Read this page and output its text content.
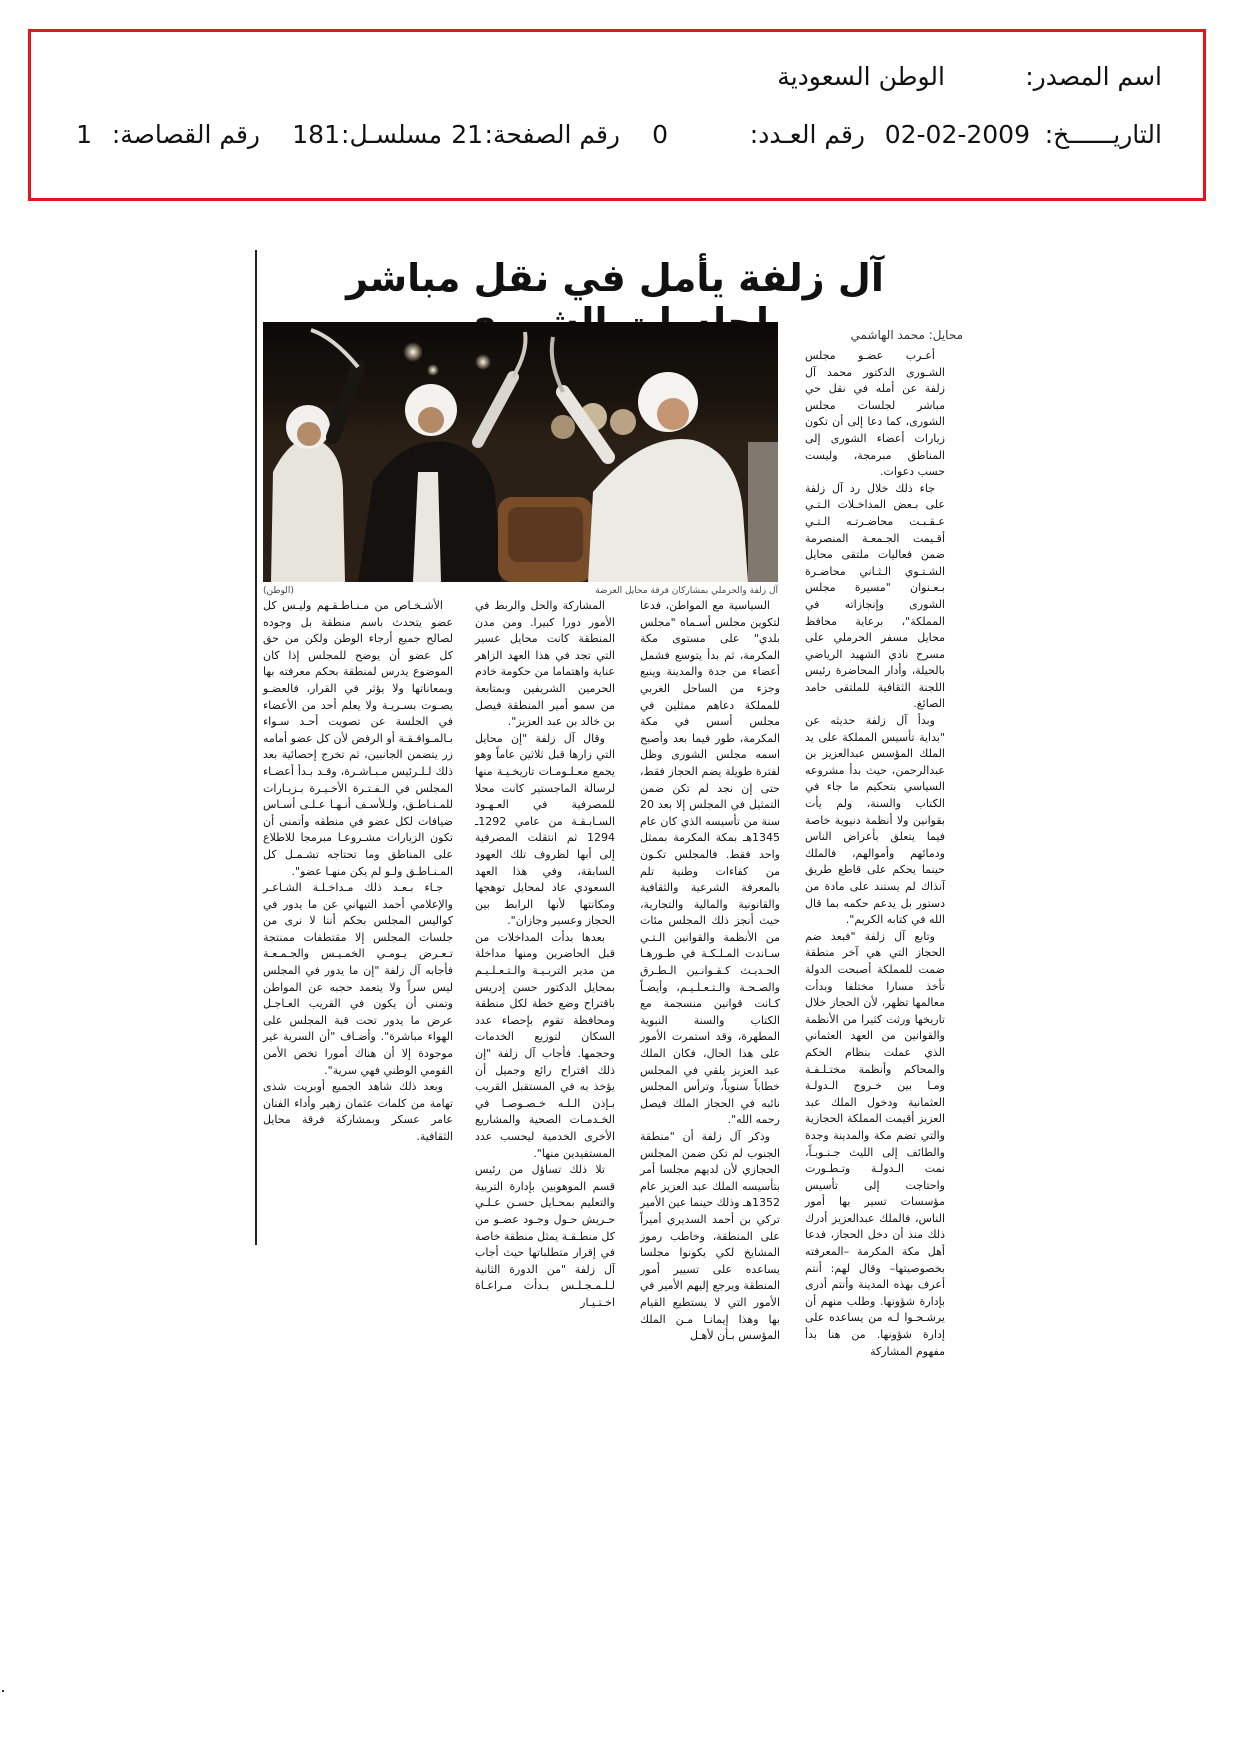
اسم المصدر:
الوطن السعودية
التاريــــــخ:
02-02-2009
رقم العـدد:
0
رقم الصفحة:
21
مسلسـل:
181
رقم القصاصة:
1
آل زلفة يأمل في نقل مباشر
محايل: محمد الهاشمي
آل زلفة والحرملي بمشاركان فرقة محايل العرضة
(الوطن)

أعـرب عضـو مجلس الشـورى الدكتور محمد آل زلفة عن أمله في نقل حي مباشر لجلسات مجلس الشورى، كما دعا إلى أن تكون زيارات أعضاء الشورى إلى المناطق مبرمجة، وليست حسب دعوات.

جاء ذلك خلال رد آل زلفة على بـعض المداخـلات الـتـي عـقـبـت محاضـرتـه الـتـي أقـيمت الجـمعـة المنصرمة ضمن فعاليات ملتقى محايل الشـتـوي الـثـاني محاضـرة بـعـنوان "مسيرة مجلس الشورى وإنجازاته في المملكة"، برعاية محافظ محايل مسفر الحرملي على مسرح نادي الشهيد الرياضي بالحيلة، وأدار المحاضرة رئيس اللجنة الثقافية للملتقى حامد الصائغ.

وبدأ آل زلفة حديثه عن "بداية تأسيس المملكة على يد الملك المؤسس عبدالعزيز بن عبدالرحمن، حيث بدأ مشروعه السياسي بتحكيم ما جاء في الكتاب والسنة، ولم يأت بقوانين ولا أنظمة دنيوية خاصة فيما يتعلق بأعراض الناس ودمائهم وأموالهم، فالملك حينما يحكم على قاطع طريق آنذاك لم يستند على مادة من دستور بل يدعم حكمه بما قال الله في كتابه الكريم".

وتابع آل زلفة "فبعد ضم الحجاز التي هي آخر منطقة ضمت للمملكة أصبحت الدولة تأخذ مسارا مختلفا وبدأت معالمها تظهر، لأن الحجاز خلال تاريخها ورثت كثيرا من الأنظمة والقوانين من العهد العثماني الذي عملت بنظام الحكم والمحاكم وأنظمة مختـلـفـة ومـا بين خـروج الـدولـة العثمانية ودخول الملك عبد العزيز أقيمت المملكة الحجازية والتي تضم مكة والمدينة وجدة والطائف إلى الليث جـنـوبـاً، نمت الـدولـة وتـطـورت واحتاجت إلى تأسيس مؤسسات تسير بها أمور الناس، فالملك عبدالعزيز أدرك ذلك منذ أن دخل الحجاز، فدعا أهل مكة المكرمة –المعرفته بخصوصيتها– وقال لهم: أنتم أعرف بهذه المدينة وأنتم أدرى بإدارة شؤونها. وطلب منهم أن يرشـحـوا لـه من يساعده على إدارة شؤونها. من هنا بدأ مفهوم المشاركة

السياسية مع المواطن، فدعا لتكوين مجلس أسـماه "مجلس بلدي" على مستوى مكة المكرمة، ثم بدأ يتوسع فشمل أعضاء من جدة والمدينة وينبع وجزء من الساحل الغربي للمملكة دعاهم ممثلين في مجلس أسس في مكة المكرمة، طور فيما بعد وأصبح اسمه مجلس الشورى وظل لفترة طويلة يضم الحجاز فقط، حتى إن نجد لم تكن ضمن التمثيل في المجلس إلا بعد 20 سنة من تأسيسه الذي كان عام 1345هـ بمكة المكرمة بممثل واحد فقط. فالمجلس تكـون من كفاءات وطنية تلم بالمعرفة الشرعية والثقافية والقانونية والمالية والتجارية، حيث أنجز ذلك المجلس مئات من الأنظمة والقوانين الـتـي سـاندت المـلـكـة في طـورهـا الحـديـث كـقـوانـين الـطـرق والصـحـة والـتـعـلـيـم، وأيضـاً كـانت قوانين منسجمة مع الكتاب والسنة النبوية المطهرة، وقد استمرت الأمور على هذا الحال، فكان الملك عبد العزيز يلقي في المجلس خطاباً سنوياً، وترأس المجلس نائبه في الحجاز الملك فيصل رحمه الله".

وذكر آل زلفة أن "منطقة الجنوب لم تكن ضمن المجلس الحجازي لأن لديهم مجلسا أمر بتأسيسه الملك عبد العزيز عام 1352هـ وذلك حينما عين الأمير تركي بن أحمد السديري أميراً على المنطقة، وخاطب رموز المشايخ لكي يكونوا مجلسا يساعده على تسيير أمور المنطقة ويرجع إليهم الأمير في الأمور التي لا يستطيع القيام بها وهذا إيمانـا مـن الملك المؤسس بـأن لأهـل

المشاركة والحل والربط في الأمور دورا كبيرا. ومن مدن المنطقة كانت محايل عسير التي تجد في هذا العهد الزاهر عناية واهتماما من حكومة خادم الحرمين الشريفين وبمتابعة من سمو أمير المنطقة فيصل بن خالد بن عبد العزيز".

وقال آل زلفة "إن محايل التي زارها قبل ثلاثين عاماً وهو يجمع معـلـومـات تاريخـيـة منها لرسالة الماجستير كانت محلا للمصرفية في العـهـود السـابـقـة من عامي 1292ـ 1294 ثم انتقلت المصرفية إلى أبها لظروف تلك العهود السابقة، وفي هذا العهد السعودي عاد لمحايل توهجها ومكانتها لأنها الرابط بين الحجاز وعسير وجازان".

بعدها بدأت المداخلات من قبل الحاضرين ومنها مداخلة من مدير التربـيـة والـتـعـلـيـم بمحايل الدكتور حسن إدريس باقتراح وضع خطة لكل منطقة ومحافظة تقوم بإحصاء عدد السكان لتوزيع الخدمات وحجمها. فأجاب آل زلفة "إن ذلك اقتراح رائع وجميل أن يؤخذ به في المستقبل القريب بـإذن الـلـه خـصـوصـا في الخـدمـات الصحية والمشاريع الأخرى الخدمية ليحسب عدد المستفيدين منها".

تلا ذلك تساؤل من رئيس قسم الموهوبين بإدارة التربية والتعليم بمحـايل حسـن عـلـي حـريش حـول وجـود عضـو من كل منطـقـة يمثل منطقة خاصة في إقرار متطلباتها حيث أجاب آل زلفة "من الدورة الثانية لـلـمـجـلـس بـدأت مـراعـاة اخـتـيـار

الأشـخـاص من مـنـاطـقـهم وليـس كل عضو يتحدث باسم منطقة بل وجوده لصالح جميع أرجاء الوطن ولكن من حق كل عضو أن يوضح للمجلس إذا كان الموضوع يدرس لمنطقة بحكم معرفته بها وبمعاناتها ولا يؤثر في القرار، فالعضـو يصـوت بسـريـة ولا يعلم أحد من الأعضاء في الجلسة عن تصويت أحـد سـواء بـالمـوافـقـة أو الرفض لأن كل عضو أمامه زر يتضمن الجانبين، ثم تخرج إحصائية بعد ذلك لـلـرئيس مـبـاشـرة، وقـد بـدأ أعضـاء المجلس في الـفـتـرة الأخـيـرة بـزيـارات للمـنـاطـق، ولـلأسـف أنـهـا عـلـى أسـاس ضيافات لكل عضو في منطقه وأتمنى أن تكون الزيارات مشـروعـا مبرمجا للاطلاع على المناطق وما تحتاجه تشـمـل كل المـنـاطـق ولـو لم يكن منهـا عضو".

جـاء بـعـد ذلك مـداخـلـة الشـاعـر والإعلامي أحمد التيهاني عن ما يدور في كواليس المجلس بحكم أننا لا نرى من جلسات المجلس إلا مقتطفات ممنتجة تـعـرض يـومـي الخمـيـس والجـمـعـة فأجابه آل زلفة "إن ما يدور في المجلس ليس سراً ولا يتعمد حجبه عن المواطن وتمنى أن يكون في القريب العـاجـل عرض ما يدور تحت قبة المجلس على الهواء مباشرة". وأضـاف "أن السرية غير موجودة إلا أن هناك أمورا تخص الأمن القومي الوطني فهي سرية".

وبعد ذلك شاهد الجميع أوبريت شذى تهامة من كلمات عثمان زهير وأداء الفنان عامر عسكر وبمشاركة فرقة محايل الثقافية.
